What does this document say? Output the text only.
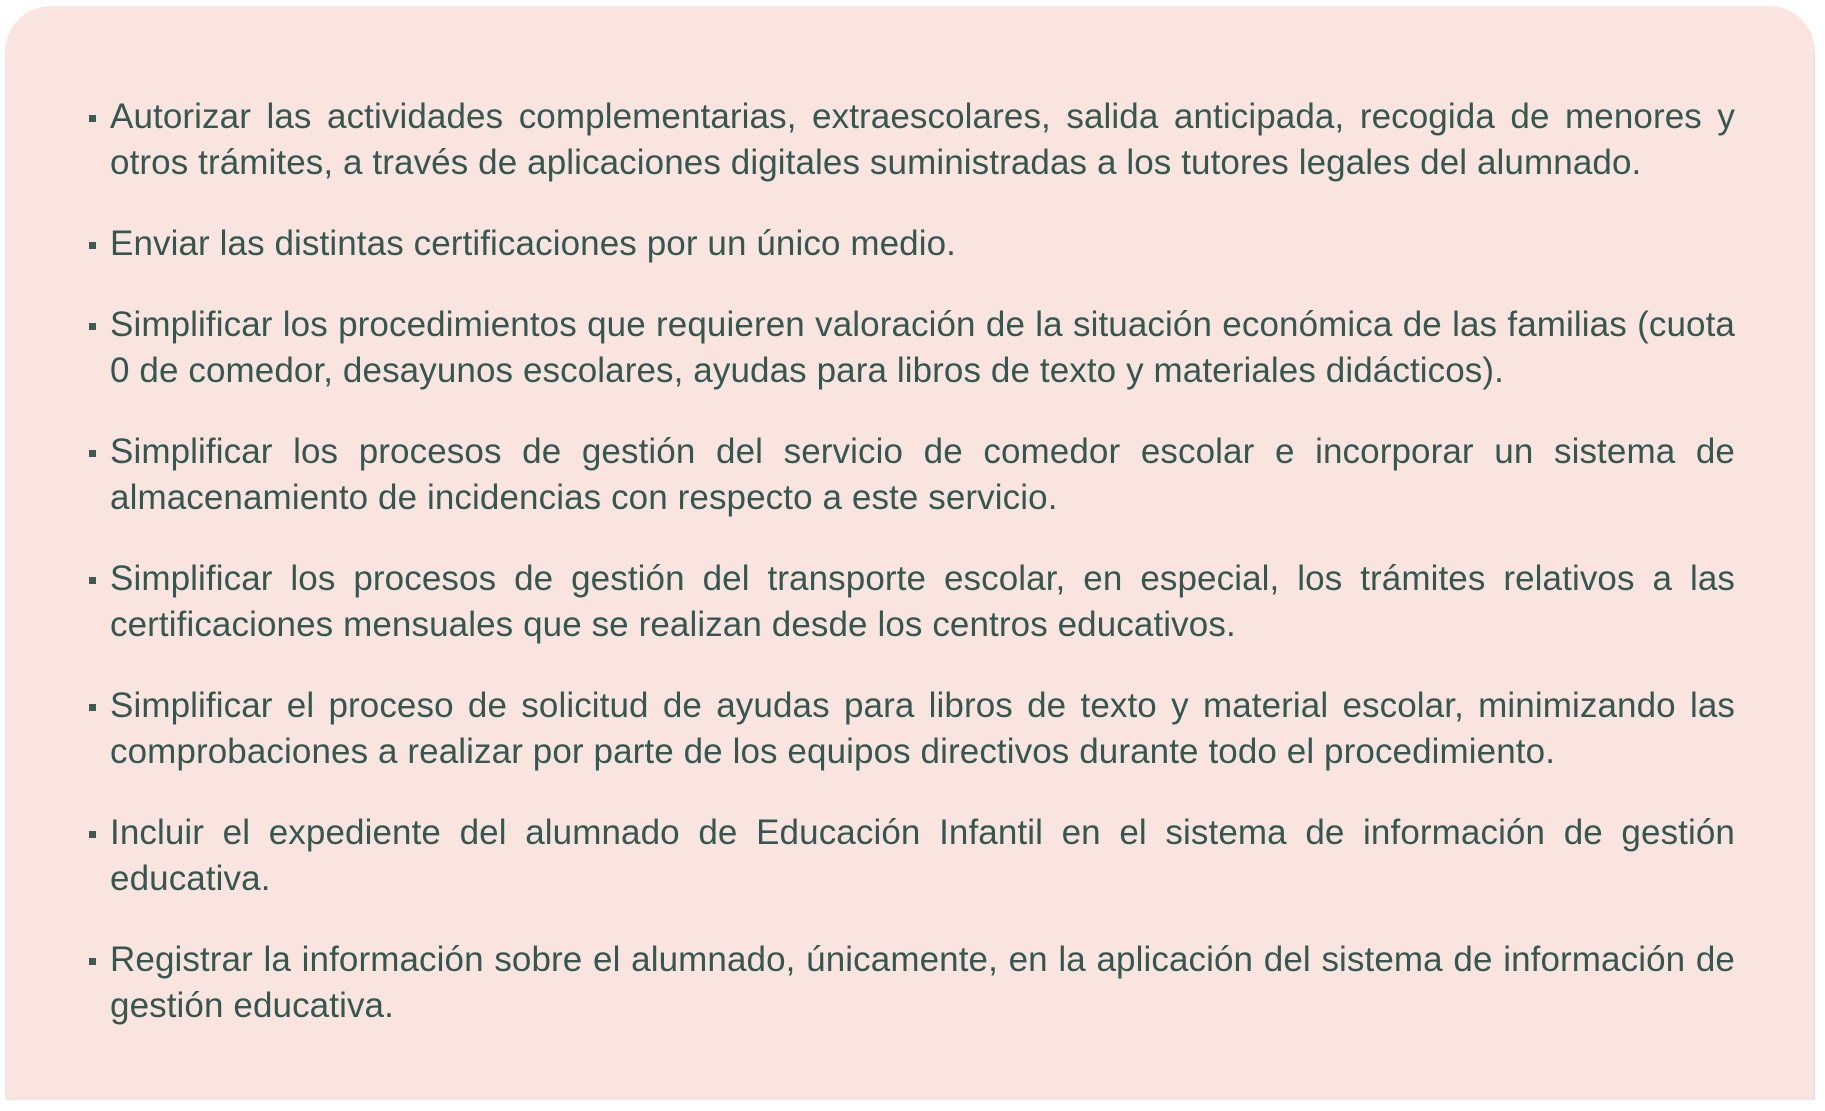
Autorizar las actividades complementarias, extraescolares, salida anticipada, recogida de menores y otros trámites, a través de aplicaciones digitales suministradas a los tutores legales del alumnado.
Enviar las distintas certificaciones por un único medio.
Simplificar los procedimientos que requieren valoración de la situación económica de las familias (cuota 0 de comedor, desayunos escolares, ayudas para libros de texto y materiales didácticos).
Simplificar los procesos de gestión del servicio de comedor escolar e incorporar un sistema de almacenamiento de incidencias con respecto a este servicio.
Simplificar los procesos de gestión del transporte escolar, en especial, los trámites relativos a las certificaciones mensuales que se realizan desde los centros educativos.
Simplificar el proceso de solicitud de ayudas para libros de texto y material escolar, minimizando las comprobaciones a realizar por parte de los equipos directivos durante todo el procedimiento.
Incluir el expediente del alumnado de Educación Infantil en el sistema de información de gestión educativa.
Registrar la información sobre el alumnado, únicamente, en la aplicación del sistema de información de gestión educativa.
